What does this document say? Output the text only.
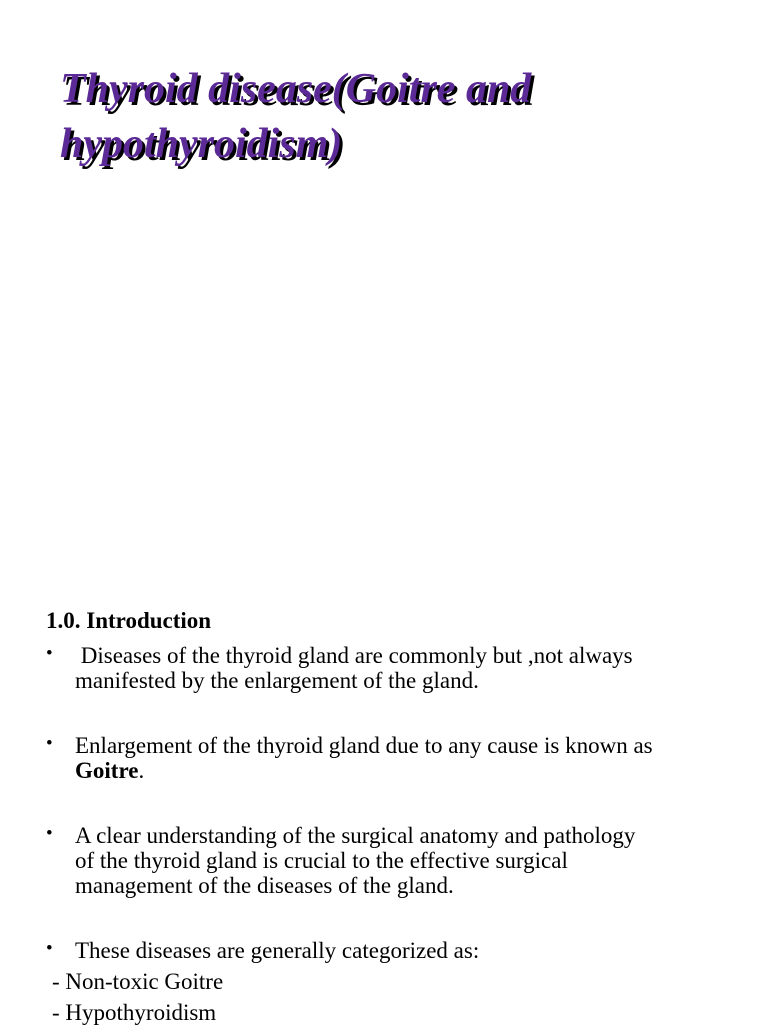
Thyroid disease(Goitre and
hypothyroidism)
1.0. Introduction
• Diseases of the thyroid gland are commonly but ,not always
manifested by the enlargement of the gland.
• Enlargement of the thyroid gland due to any cause is known as
Goitre.
• A clear understanding of the surgical anatomy and pathology
of the thyroid gland is crucial to the effective surgical
management of the diseases of the gland.
• These diseases are generally categorized as:
- Non-toxic Goitre
- Hypothyroidism
